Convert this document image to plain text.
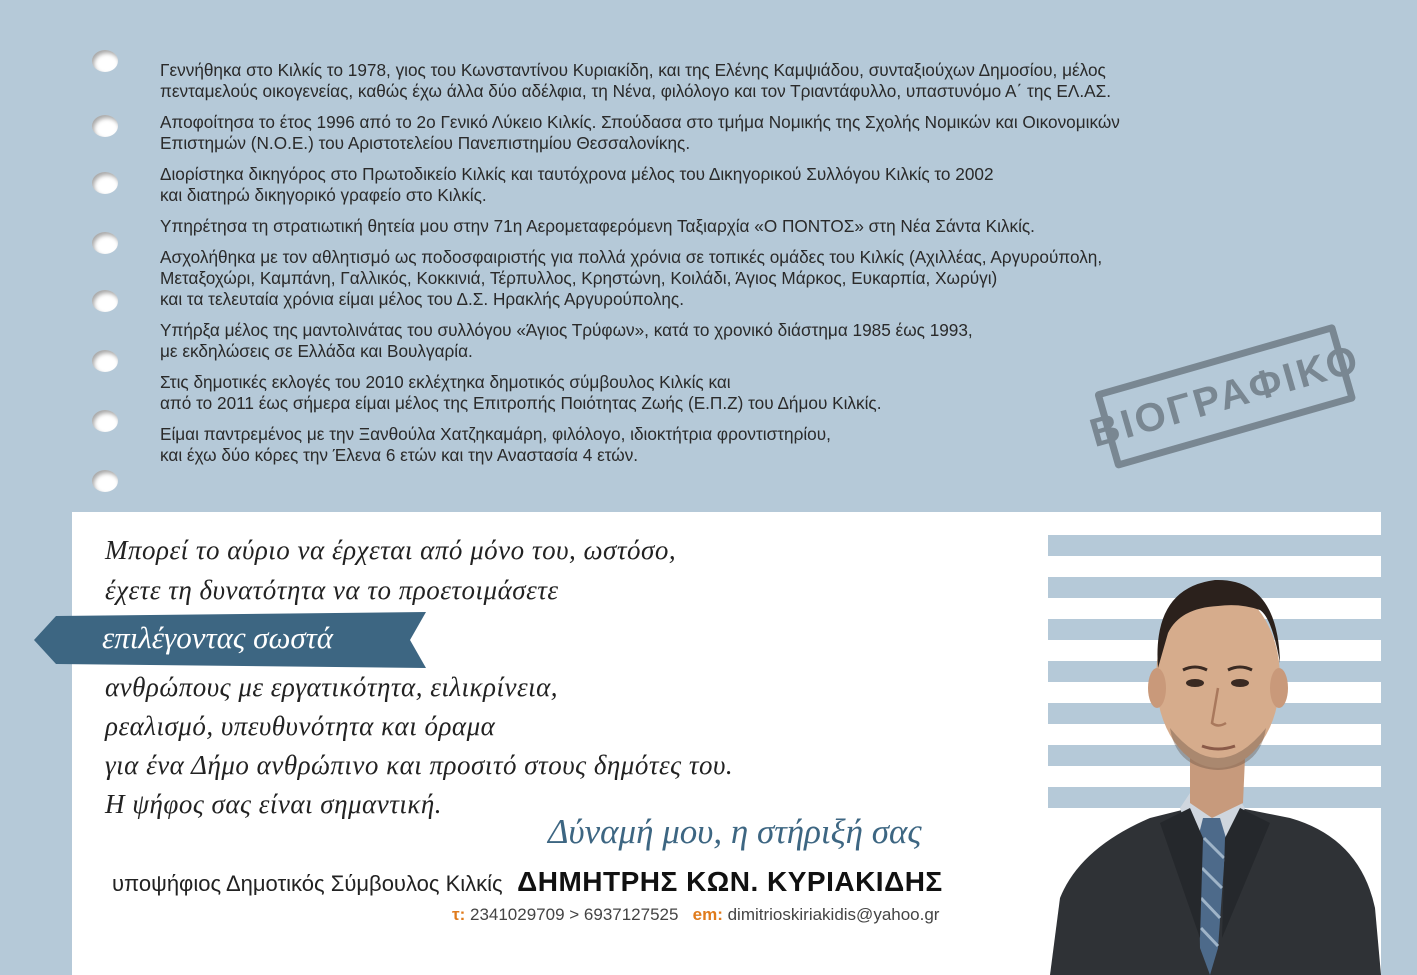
Γεννήθηκα στο Κιλκίς το 1978, γιος του Κωνσταντίνου Κυριακίδη, και της Ελένης Καμψιάδου, συνταξιούχων Δημοσίου, μέλος
πενταμελούς οικογενείας, καθώς έχω άλλα δύο αδέλφια, τη Νένα, φιλόλογο και τον Τριαντάφυλλο, υπαστυνόμο Α΄ της ΕΛ.ΑΣ.
Αποφοίτησα το έτος 1996 από το 2ο Γενικό Λύκειο Κιλκίς. Σπούδασα στο τμήμα Νομικής της Σχολής Νομικών και Οικονομικών
Επιστημών (Ν.Ο.Ε.) του Αριστοτελείου Πανεπιστημίου Θεσσαλονίκης.
Διορίστηκα δικηγόρος στο Πρωτοδικείο Κιλκίς και ταυτόχρονα μέλος του Δικηγορικού Συλλόγου Κιλκίς το 2002
και διατηρώ δικηγορικό γραφείο στο Κιλκίς.
Υπηρέτησα τη στρατιωτική θητεία μου στην 71η Αερομεταφερόμενη Ταξιαρχία «Ο ΠΟΝΤΟΣ» στη Νέα Σάντα Κιλκίς.
Ασχολήθηκα με τον αθλητισμό ως ποδοσφαιριστής για πολλά χρόνια σε τοπικές ομάδες του Κιλκίς (Αχιλλέας, Αργυρούπολη,
Μεταξοχώρι, Καμπάνη, Γαλλικός, Κοκκινιά, Τέρπυλλος, Κρηστώνη, Κοιλάδι, Άγιος Μάρκος, Ευκαρπία, Χωρύγι)
και τα τελευταία χρόνια είμαι μέλος του Δ.Σ. Ηρακλής Αργυρούπολης.
Υπήρξα μέλος της μαντολινάτας του συλλόγου «Άγιος Τρύφων», κατά το χρονικό διάστημα 1985 έως 1993,
με εκδηλώσεις σε Ελλάδα και Βουλγαρία.
Στις δημοτικές εκλογές του 2010 εκλέχτηκα δημοτικός σύμβουλος Κιλκίς και
από το 2011 έως σήμερα είμαι μέλος της Επιτροπής Ποιότητας Ζωής (Ε.Π.Ζ) του Δήμου Κιλκίς.
Είμαι παντρεμένος με την Ξανθούλα Χατζηκαμάρη, φιλόλογο, ιδιοκτήτρια φροντιστηρίου,
και έχω δύο κόρες την Έλενα 6 ετών και την Αναστασία 4 ετών.	ΒΙΟΓΡΑΦΙΚΟ
Μπορεί το αύριο να έρχεται από μόνο του, ωστόσο,
έχετε τη δυνατότητα να το προετοιμάσετε
επιλέγοντας σωστά
ανθρώπους με εργατικότητα, ειλικρίνεια,
ρεαλισμό, υπευθυνότητα και όραμα
για ένα Δήμο ανθρώπινο και προσιτό στους δημότες του.
Η ψήφος σας είναι σημαντική.
Δύναμή μου, η στήριξή σας
υποψήφιος Δημοτικός Σύμβουλος Κιλκίς ΔΗΜΗΤΡΗΣ ΚΩΝ. ΚΥΡΙΑΚΙΔΗΣ
τ: 2341029709 > 6937127525 em: dimitrioskiriakidis@yahoo.gr
